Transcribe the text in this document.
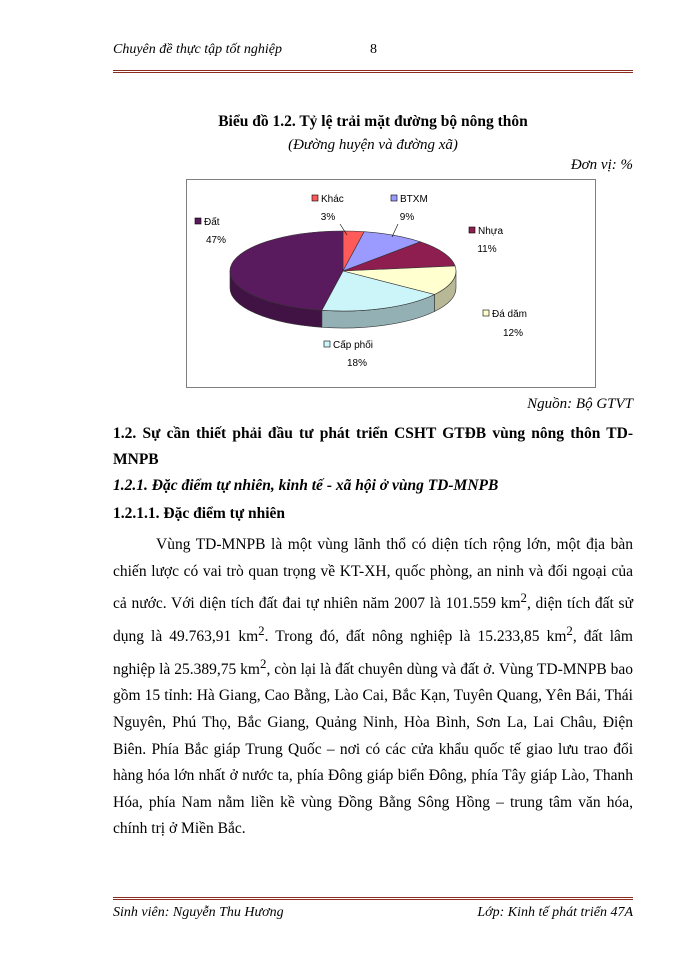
Chuyên đề thực tập tốt nghiệp	8
Biểu đồ 1.2. Tỷ lệ trải mặt đường bộ nông thôn
(Đường huyện và đường xã)
Đơn vị: %
Khác
3%
BTXM
9%
Nhựa
11%
Đá dăm
12%
Cấp phối
18%
Đất
47%
Nguồn: Bộ GTVT
1.2. Sự cần thiết phải đầu tư phát triển CSHT GTĐB vùng nông thôn TD-MNPB
1.2.1. Đặc điểm tự nhiên, kinh tế - xã hội ở vùng TD-MNPB
1.2.1.1. Đặc điểm tự nhiên
Vùng TD-MNPB là một vùng lãnh thổ có diện tích rộng lớn, một địa bàn chiến lược có vai trò quan trọng về KT-XH, quốc phòng, an ninh và đối ngoại của cả nước. Với diện tích đất đai tự nhiên năm 2007 là 101.559 $km^2$, diện tích đất sử dụng là 49.763,91 $km^2$. Trong đó, đất nông nghiệp là 15.233,85 $km^2$, đất lâm nghiệp là 25.389,75 $km^2$, còn lại là đất chuyên dùng và đất ở. Vùng TD-MNPB bao gồm 15 tỉnh: Hà Giang, Cao Bằng, Lào Cai, Bắc Kạn, Tuyên Quang, Yên Bái, Thái Nguyên, Phú Thọ, Bắc Giang, Quảng Ninh, Hòa Bình, Sơn La, Lai Châu, Điện Biên. Phía Bắc giáp Trung Quốc – nơi có các cửa khẩu quốc tế giao lưu trao đổi hàng hóa lớn nhất ở nước ta, phía Đông giáp biển Đông, phía Tây giáp Lào, Thanh Hóa, phía Nam nằm liền kề vùng Đồng Bằng Sông Hồng – trung tâm văn hóa, chính trị ở Miền Bắc.
Sinh viên: Nguyễn Thu Hương	Lớp: Kinh tế phát triển 47A
